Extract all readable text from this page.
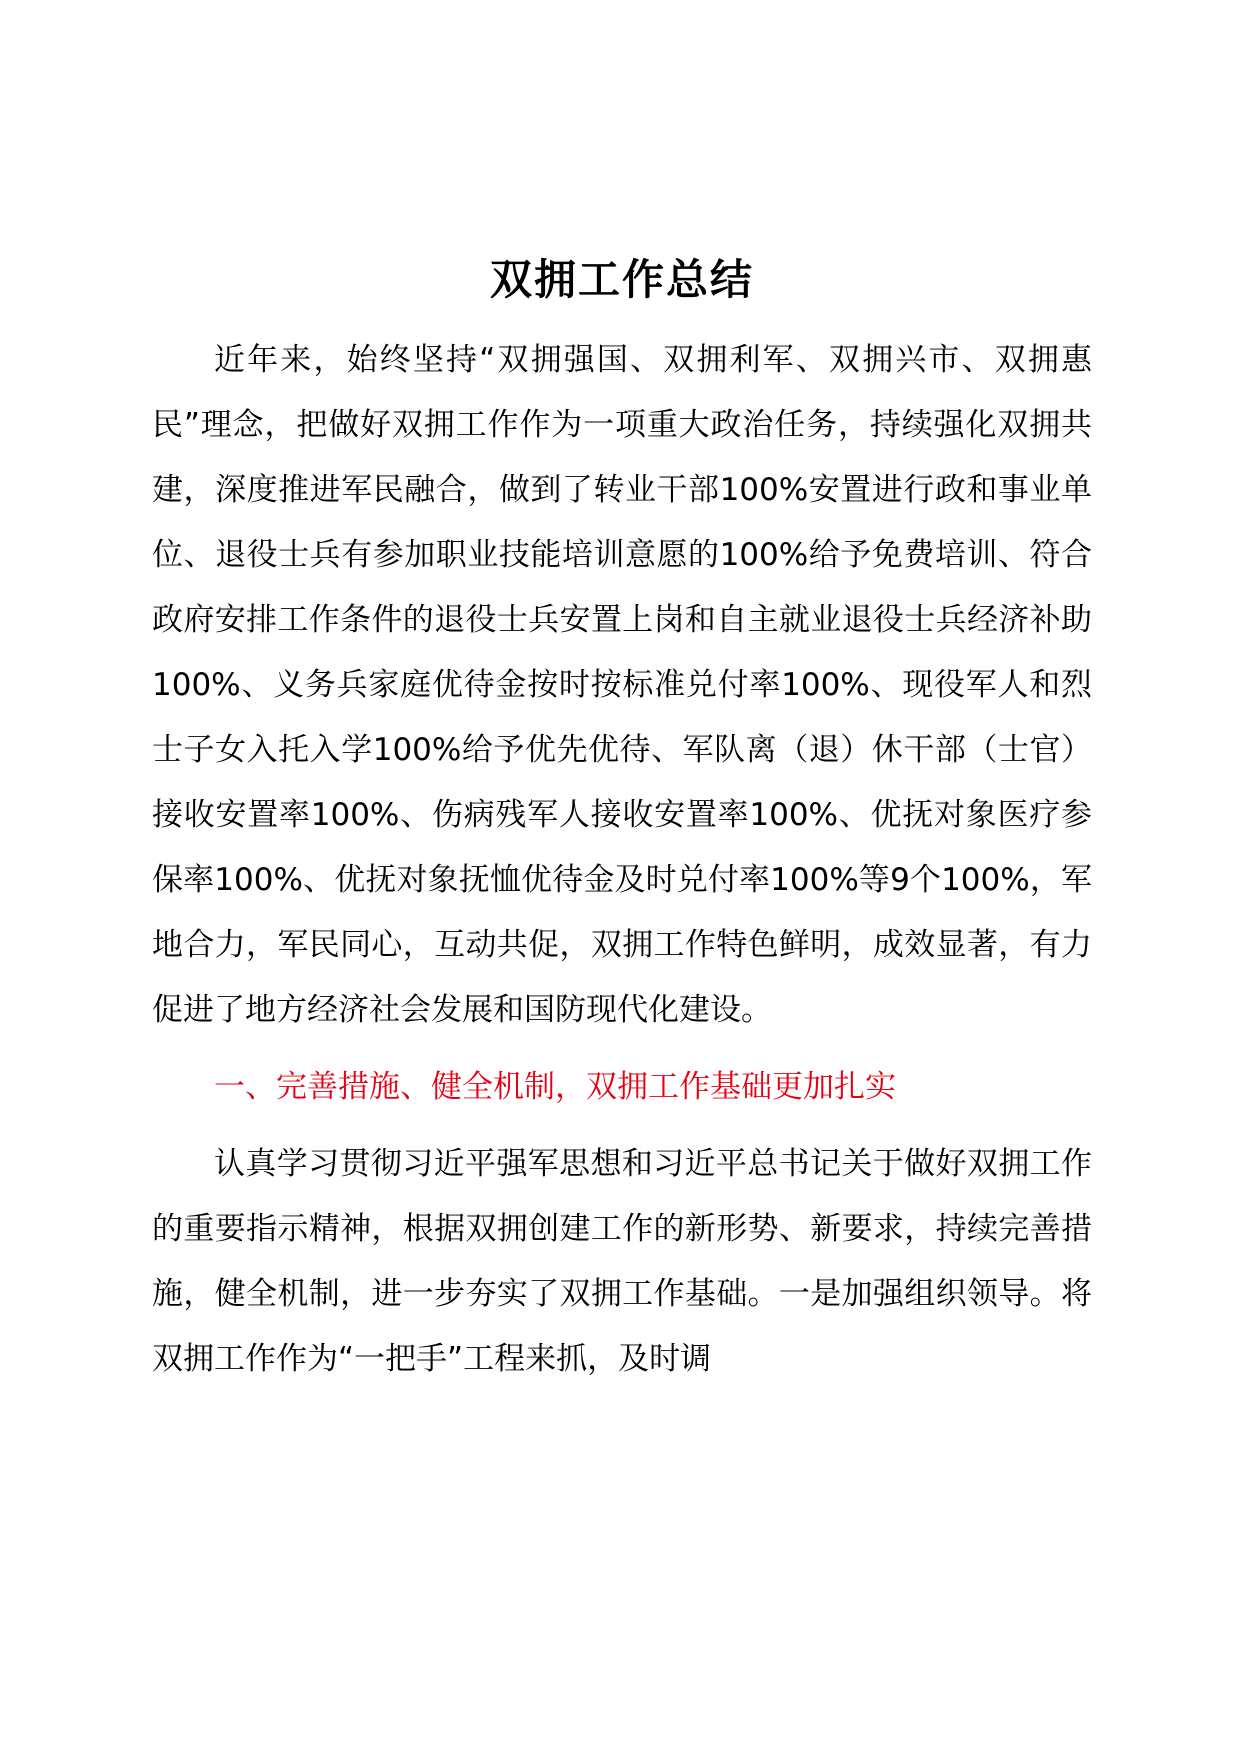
双拥工作总结

近年来，始终坚持“双拥强国、双拥利军、双拥兴市、双拥惠民”理念，把做好双拥工作作为一项重大政治任务，持续强化双拥共建，深度推进军民融合，做到了转业干部100%安置进行政和事业单位、退役士兵有参加职业技能培训意愿的100%给予免费培训、符合政府安排工作条件的退役士兵安置上岗和自主就业退役士兵经济补助100%、义务兵家庭优待金按时按标准兑付率100%、现役军人和烈士子女入托入学100%给予优先优待、军队离（退）休干部（士官）接收安置率100%、伤病残军人接收安置率100%、优抚对象医疗参保率100%、优抚对象抚恤优待金及时兑付率100%等9个100%，军地合力，军民同心，互动共促，双拥工作特色鲜明，成效显著，有力促进了地方经济社会发展和国防现代化建设。

一、完善措施、健全机制，双拥工作基础更加扎实

认真学习贯彻习近平强军思想和习近平总书记关于做好双拥工作的重要指示精神，根据双拥创建工作的新形势、新要求，持续完善措施，健全机制，进一步夯实了双拥工作基础。一是加强组织领导。将双拥工作作为“一把手”工程来抓，及时调
